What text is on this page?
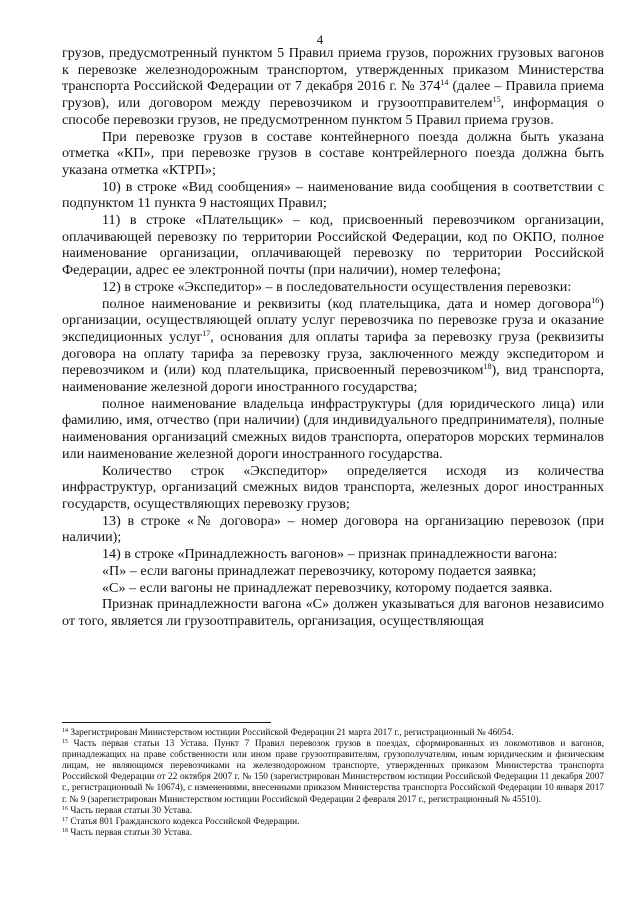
4

грузов, предусмотренный пунктом 5 Правил приема грузов, порожних грузовых вагонов к перевозке железнодорожным транспортом, утвержденных приказом Министерства транспорта Российской Федерации от 7 декабря 2016 г. № $374^{14}$ (далее – Правила приема грузов), или договором между перевозчиком и грузоотправителем$^{15}$, информация о способе перевозки грузов, не предусмотренном пунктом 5 Правил приема грузов.

При перевозке грузов в составе контейнерного поезда должна быть указана отметка «КП», при перевозке грузов в составе контрейлерного поезда должна быть указана отметка «КТРП»;

10) в строке «Вид сообщения» – наименование вида сообщения в соответствии с подпунктом 11 пункта 9 настоящих Правил;

11) в строке «Плательщик» – код, присвоенный перевозчиком организации, оплачивающей перевозку по территории Российской Федерации, код по ОКПО, полное наименование организации, оплачивающей перевозку по территории Российской Федерации, адрес ее электронной почты (при наличии), номер телефона;

12) в строке «Экспедитор» – в последовательности осуществления перевозки:

полное наименование и реквизиты (код плательщика, дата и номер договора$^{16}$) организации, осуществляющей оплату услуг перевозчика по перевозке груза и оказание экспедиционных услуг$^{17}$, основания для оплаты тарифа за перевозку груза (реквизиты договора на оплату тарифа за перевозку груза, заключенного между экспедитором и перевозчиком и (или) код плательщика, присвоенный перевозчиком$^{18}$), вид транспорта, наименование железной дороги иностранного государства;

полное наименование владельца инфраструктуры (для юридического лица) или фамилию, имя, отчество (при наличии) (для индивидуального предпринимателя), полные наименования организаций смежных видов транспорта, операторов морских терминалов или наименование железной дороги иностранного государства.

Количество строк «Экспедитор» определяется исходя из количества инфраструктур, организаций смежных видов транспорта, железных дорог иностранных государств, осуществляющих перевозку грузов;

13) в строке «№ договора» – номер договора на организацию перевозок (при наличии);

14) в строке «Принадлежность вагонов» – признак принадлежности вагона:

«П» – если вагоны принадлежат перевозчику, которому подается заявка;

«С» – если вагоны не принадлежат перевозчику, которому подается заявка.

Признак принадлежности вагона «С» должен указываться для вагонов независимо от того, является ли грузоотправитель, организация, осуществляющая

$^{14}$ Зарегистрирован Министерством юстиции Российской Федерации 21 марта 2017 г., регистрационный № 46054.

$^{15}$ Часть первая статьи 13 Устава. Пункт 7 Правил перевозок грузов в поездах, сформированных из локомотивов и вагонов, принадлежащих на праве собственности или ином праве грузоотправителям, грузополучателям, иным юридическим и физическим лицам, не являющимся перевозчиками на железнодорожном транспорте, утвержденных приказом Министерства транспорта Российской Федерации от 22 октября 2007 г. № 150 (зарегистрирован Министерством юстиции Российской Федерации 11 декабря 2007 г., регистрационный № 10674), с изменениями, внесенными приказом Министерства транспорта Российской Федерации 10 января 2017 г. № 9 (зарегистрирован Министерством юстиции Российской Федерации 2 февраля 2017 г., регистрационный № 45510).

$^{16}$ Часть первая статьи 30 Устава.

$^{17}$ Статья 801 Гражданского кодекса Российской Федерации.

$^{18}$ Часть первая статьи 30 Устава.
